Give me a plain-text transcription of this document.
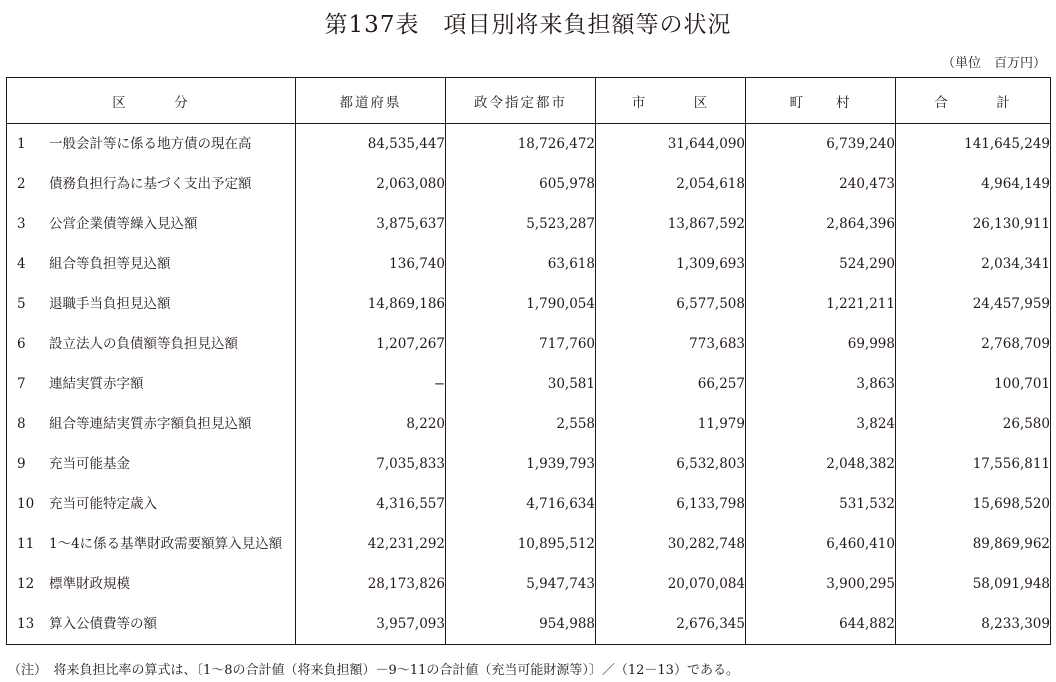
第137表　項目別将来負担額等の状況
（単位　百万円）
区　　　分	都道府県	政令指定都市	市　　　区	町　　村	合　　　計

1 一般会計等に係る地方債の現在高	84,535,447	18,726,472	31,644,090	6,739,240	141,645,249

2 債務負担行為に基づく支出予定額	2,063,080	605,978	2,054,618	240,473	4,964,149

3 公営企業債等繰入見込額	3,875,637	5,523,287	13,867,592	2,864,396	26,130,911

4 組合等負担等見込額	136,740	63,618	1,309,693	524,290	2,034,341

5 退職手当負担見込額	14,869,186	1,790,054	6,577,508	1,221,211	24,457,959

6 設立法人の負債額等負担見込額	1,207,267	717,760	773,683	69,998	2,768,709

7 連結実質赤字額	−	30,581	66,257	3,863	100,701

8 組合等連結実質赤字額負担見込額	8,220	2,558	11,979	3,824	26,580

9 充当可能基金	7,035,833	1,939,793	6,532,803	2,048,382	17,556,811

10 充当可能特定歳入	4,316,557	4,716,634	6,133,798	531,532	15,698,520

11 1～4に係る基準財政需要額算入見込額	42,231,292	10,895,512	30,282,748	6,460,410	89,869,962

12 標準財政規模	28,173,826	5,947,743	20,070,084	3,900,295	58,091,948

13 算入公債費等の額	3,957,093	954,988	2,676,345	644,882	8,233,309
（注）　将来負担比率の算式は、〔1～8の合計値（将来負担額）－9～11の合計値（充当可能財源等）〕／（12－13）である。
